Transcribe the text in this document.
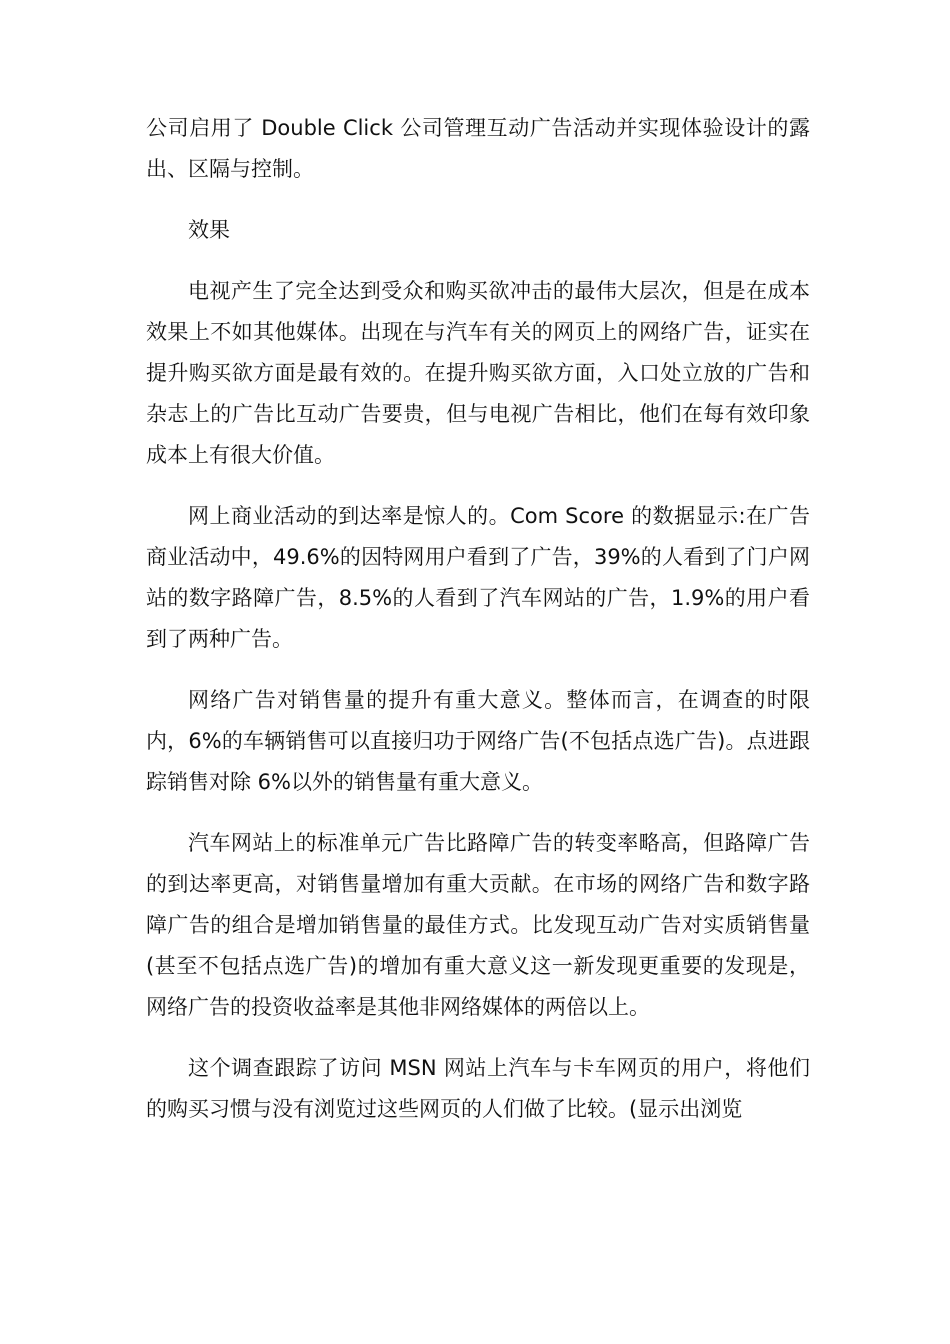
公司启用了 Double Click 公司管理互动广告活动并实现体验设计的露出、区隔与控制。

效果

电视产生了完全达到受众和购买欲冲击的最伟大层次，但是在成本效果上不如其他媒体。出现在与汽车有关的网页上的网络广告，证实在提升购买欲方面是最有效的。在提升购买欲方面，入口处立放的广告和杂志上的广告比互动广告要贵，但与电视广告相比，他们在每有效印象成本上有很大价值。

网上商业活动的到达率是惊人的。Com Score 的数据显示:在广告商业活动中，49.6%的因特网用户看到了广告，39%的人看到了门户网站的数字路障广告，8.5%的人看到了汽车网站的广告，1.9%的用户看到了两种广告。

网络广告对销售量的提升有重大意义。整体而言，在调查的时限内，6%的车辆销售可以直接归功于网络广告(不包括点选广告)。点进跟踪销售对除 6%以外的销售量有重大意义。

汽车网站上的标准单元广告比路障广告的转变率略高，但路障广告的到达率更高，对销售量增加有重大贡献。在市场的网络广告和数字路障广告的组合是增加销售量的最佳方式。比发现互动广告对实质销售量(甚至不包括点选广告)的增加有重大意义这一新发现更重要的发现是，网络广告的投资收益率是其他非网络媒体的两倍以上。

这个调查跟踪了访问 MSN 网站上汽车与卡车网页的用户，将他们的购买习惯与没有浏览过这些网页的人们做了比较。(显示出浏览
